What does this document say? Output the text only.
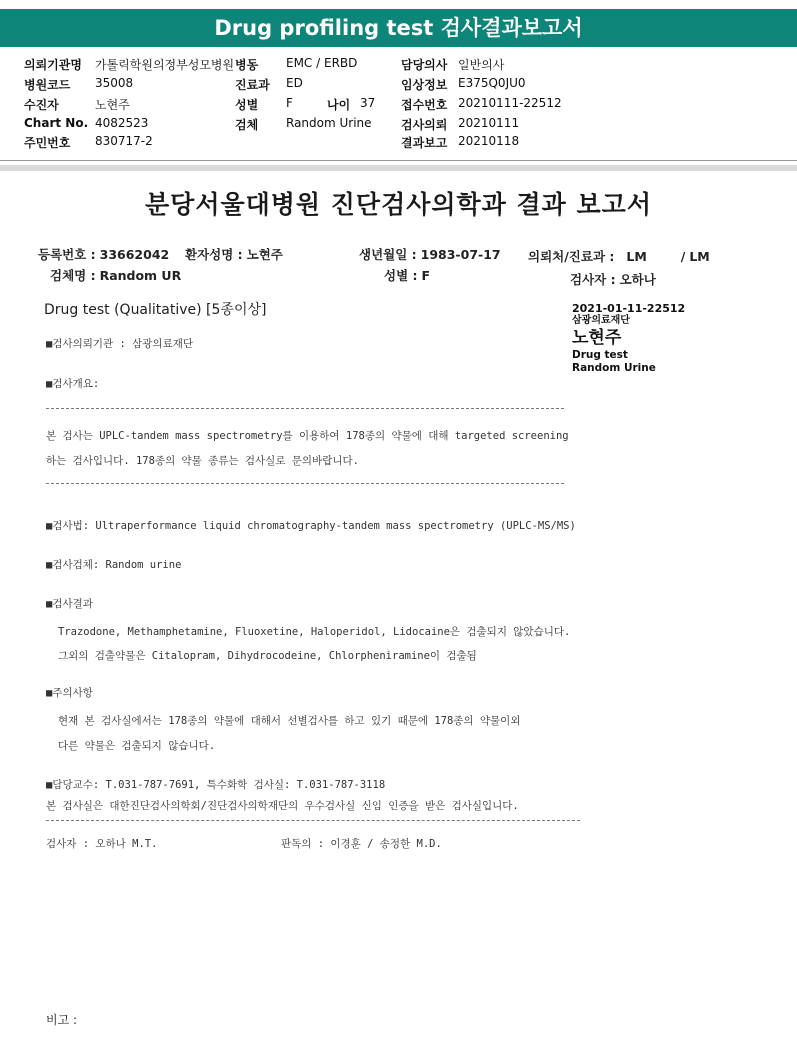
Drug profiling test 검사결과보고서
의뢰기관명 가톨릭학원의정부성모병원 병동 EMC / ERBD	담당의사 일반의사
병원코드 35008	진료과 ED	임상정보 E375Q0JU0
수진자	노현주	성별 F	나이 37 접수번호 20210111-22512
Chart No. 4082523	검체 Random Urine 검사의뢰 20210111
주민번호 830717-2	결과보고 20210118
분당서울대병원 진단검사의학과 결과 보고서
등록번호 : 33662042 환자성명 : 노현주	생년월일 : 1983-07-17 의뢰처/진료과 : LM	/ LM
검체명 : Random UR	성별 : F	검사자 : 오하나
Drug test (Qualitative) [5종이상]	2021-01-11-22512
삼광의료재단
노현주
Drug test
Random Urine
■검사의뢰기관 : 삼광의료재단
■검사개요:
본 검사는 UPLC-tandem mass spectrometry를 이용하여 178종의 약물에 대해 targeted screening
하는 검사입니다. 178종의 약물 종류는 검사실로 문의바랍니다.
■검사법: Ultraperformance liquid chromatography-tandem mass spectrometry (UPLC-MS/MS)
■검사검체: Random urine
■검사결과
Trazodone, Methamphetamine, Fluoxetine, Haloperidol, Lidocaine은 검출되지 않았습니다.
그외의 검출약물은 Citalopram, Dihydrocodeine, Chlorpheniramine이 검출됨
■주의사항
현재 본 검사실에서는 178종의 약물에 대해서 선별검사를 하고 있기 때문에 178종의 약물이외
다른 약물은 검출되지 않습니다.
■담당교수: T.031-787-7691, 특수화학 검사실: T.031-787-3118
본 검사실은 대한진단검사의학회/진단검사의학재단의 우수검사실 신임 인증을 받은 검사실입니다.
검사자 : 오하나 M.T.	판독의 : 이경훈 / 송정한 M.D.
비고 :
